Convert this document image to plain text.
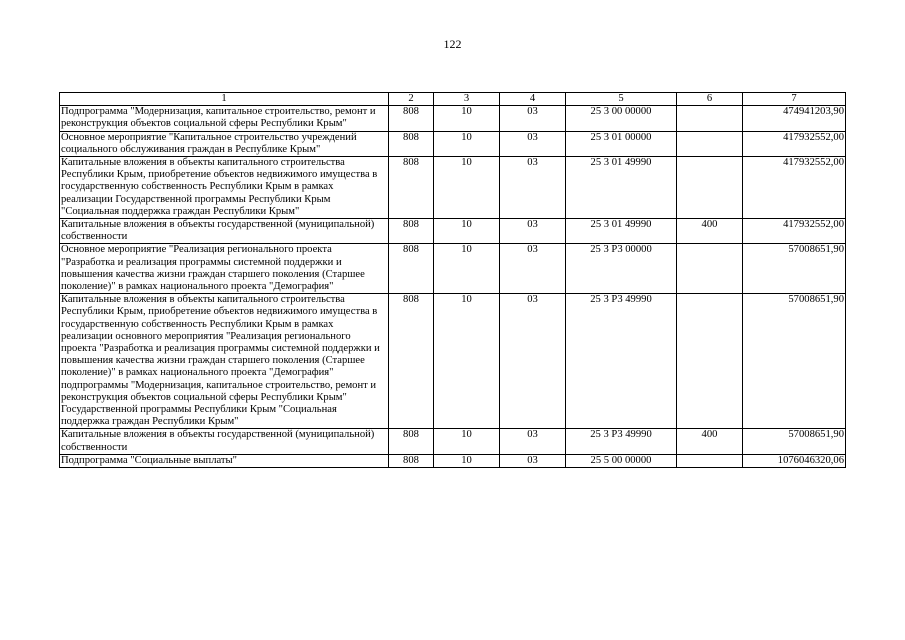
122
1	2	3	4	5	6	7
Подпрограмма "Модернизация, капитальное строительство, ремонт и реконструкция объектов социальной сферы Республики Крым"	808	10	03	25 3 00 00000		474941203,90
Основное мероприятие "Капитальное строительство учреждений социального обслуживания граждан в Республике Крым"	808	10	03	25 3 01 00000		417932552,00
Капитальные вложения в объекты капитального строительства Республики Крым, приобретение объектов недвижимого имущества в государственную собственность Республики Крым в рамках реализации Государственной программы Республики Крым "Социальная поддержка граждан Республики Крым"	808	10	03	25 3 01 49990		417932552,00
Капитальные вложения в объекты государственной (муниципальной) собственности	808	10	03	25 3 01 49990	400	417932552,00
Основное мероприятие "Реализация регионального проекта "Разработка и реализация программы системной поддержки и повышения качества жизни граждан старшего поколения (Старшее поколение)" в рамках национального проекта "Демография"	808	10	03	25 3 P3 00000		57008651,90
Капитальные вложения в объекты капитального строительства Республики Крым, приобретение объектов недвижимого имущества в государственную собственность Республики Крым в рамках реализации основного мероприятия "Реализация регионального проекта "Разработка и реализация программы системной поддержки и повышения качества жизни граждан старшего поколения (Старшее поколение)" в рамках национального проекта "Демография" подпрограммы "Модернизация, капитальное строительство, ремонт и реконструкция объектов социальной сферы Республики Крым" Государственной программы Республики Крым "Социальная поддержка граждан Республики Крым"	808	10	03	25 3 P3 49990		57008651,90
Капитальные вложения в объекты государственной (муниципальной) собственности	808	10	03	25 3 P3 49990	400	57008651,90
Подпрограмма "Социальные выплаты"	808	10	03	25 5 00 00000		1076046320,06
